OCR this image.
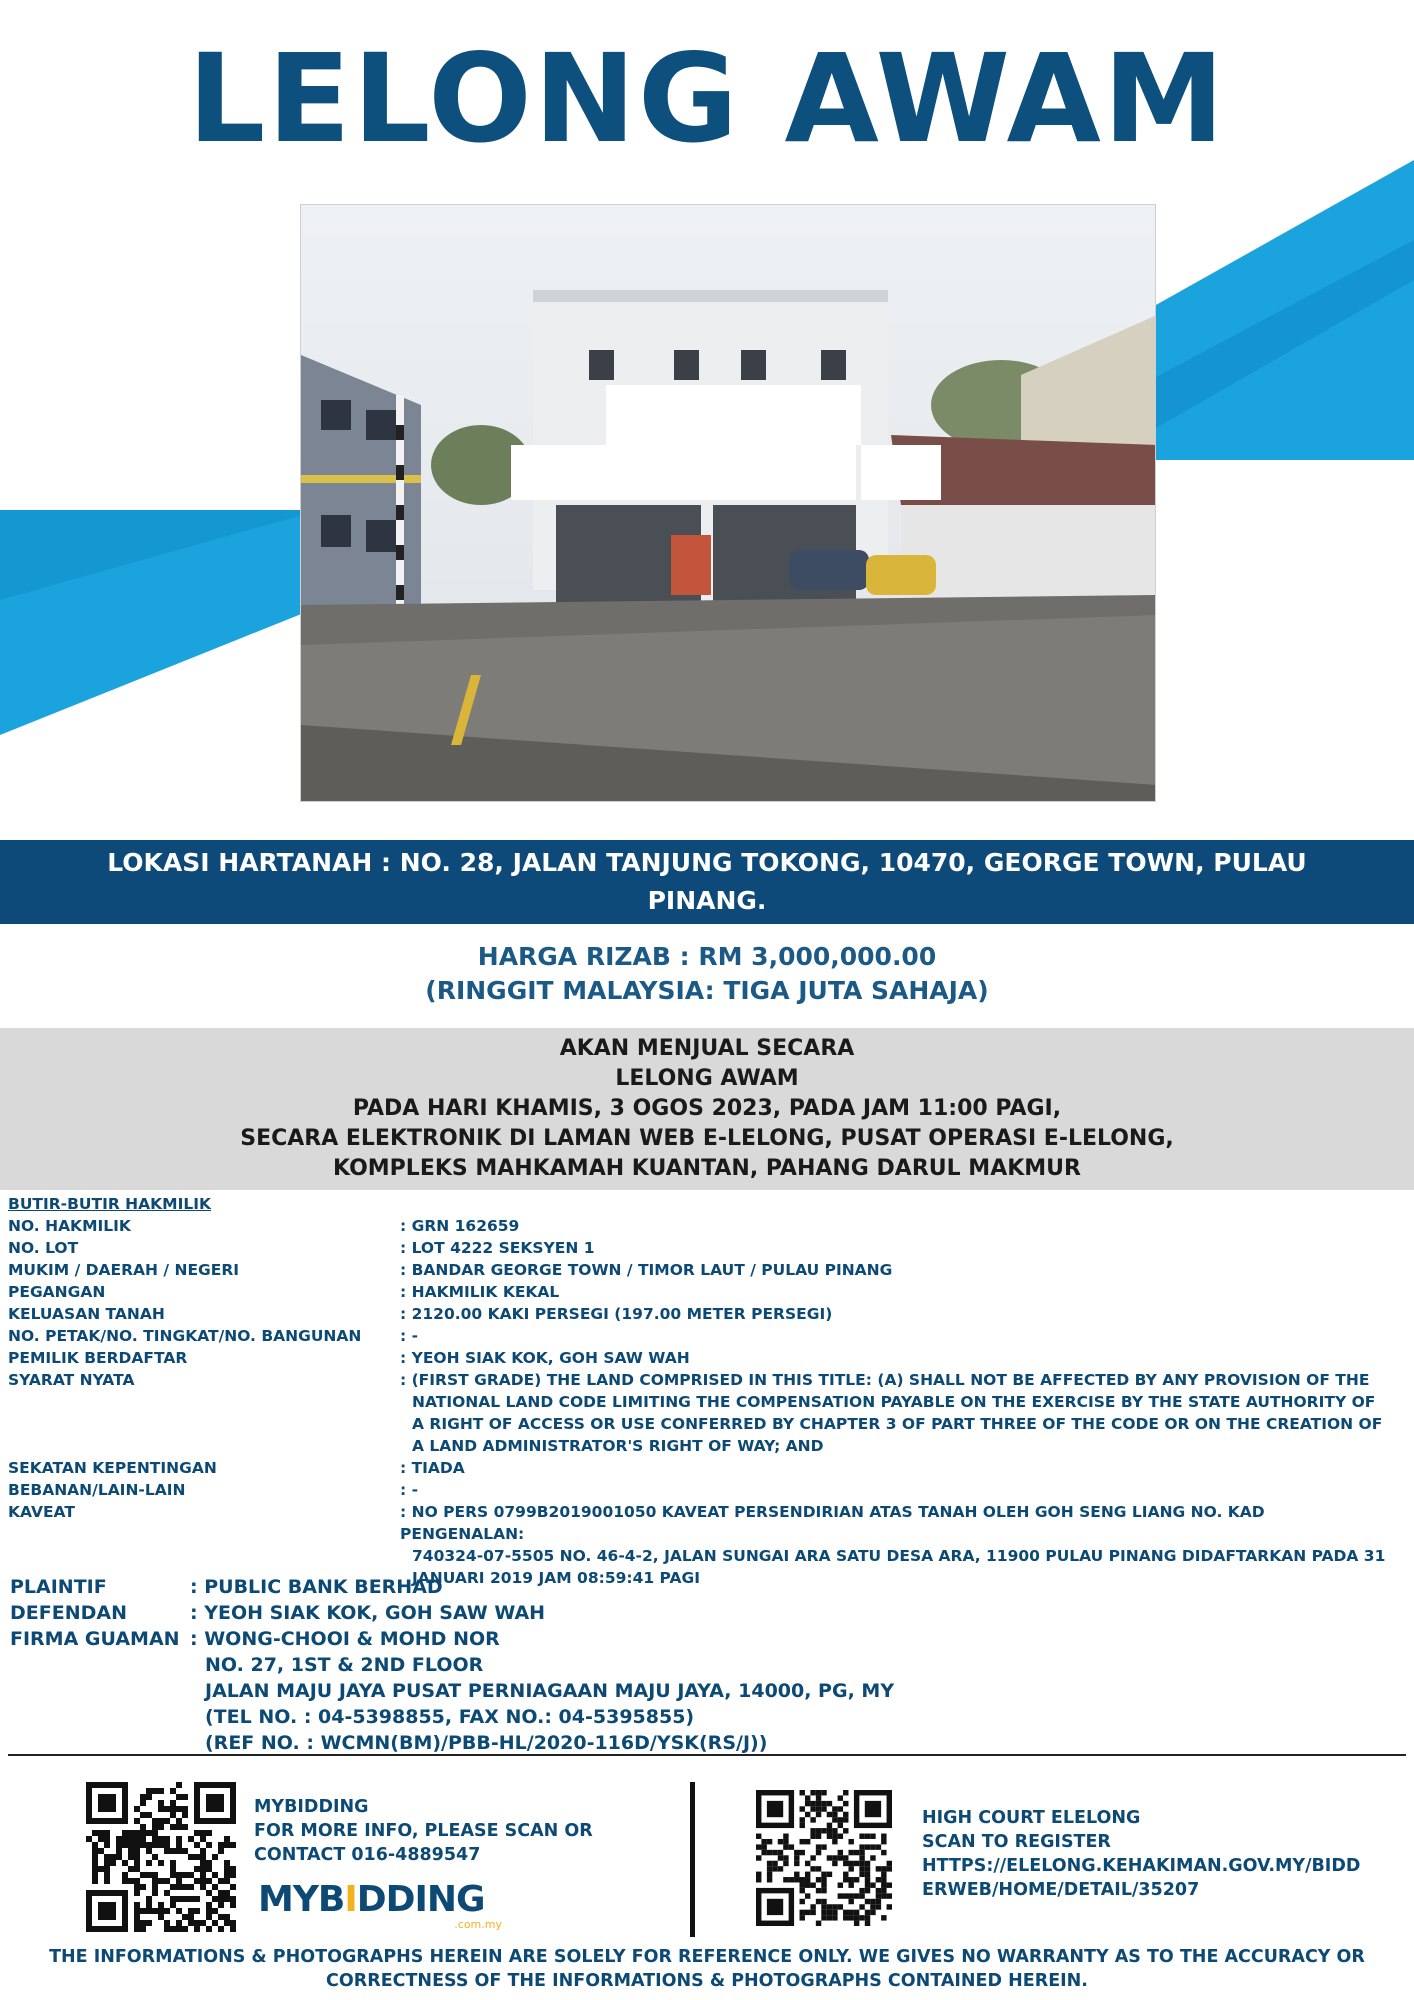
LELONG AWAM
LOKASI HARTANAH : NO. 28, JALAN TANJUNG TOKONG, 10470, GEORGE TOWN, PULAU PINANG.
HARGA RIZAB : RM 3,000,000.00
(RINGGIT MALAYSIA: TIGA JUTA SAHAJA)
AKAN MENJUAL SECARA
LELONG AWAM
PADA HARI KHAMIS, 3 OGOS 2023, PADA JAM 11:00 PAGI,
SECARA ELEKTRONIK DI LAMAN WEB E-LELONG, PUSAT OPERASI E-LELONG,
KOMPLEKS MAHKAMAH KUANTAN, PAHANG DARUL MAKMUR
BUTIR-BUTIR HAKMILIK
NO. HAKMILIK	: GRN 162659
NO. LOT	: LOT 4222 SEKSYEN 1
MUKIM / DAERAH / NEGERI	: BANDAR GEORGE TOWN / TIMOR LAUT / PULAU PINANG
PEGANGAN	: HAKMILIK KEKAL
KELUASAN TANAH	: 2120.00 KAKI PERSEGI (197.00 METER PERSEGI)
NO. PETAK/NO. TINGKAT/NO. BANGUNAN	: -
PEMILIK BERDAFTAR	: YEOH SIAK KOK, GOH SAW WAH
SYARAT NYATA	: (FIRST GRADE) THE LAND COMPRISED IN THIS TITLE: (A) SHALL NOT BE AFFECTED BY ANY PROVISION OF THE
NATIONAL LAND CODE LIMITING THE COMPENSATION PAYABLE ON THE EXERCISE BY THE STATE AUTHORITY OF A RIGHT OF ACCESS OR USE CONFERRED BY CHAPTER 3 OF PART THREE OF THE CODE OR ON THE CREATION OF A LAND ADMINISTRATOR'S RIGHT OF WAY; AND
SEKATAN KEPENTINGAN	: TIADA
BEBANAN/LAIN-LAIN	: -
KAVEAT	: NO PERS 0799B2019001050 KAVEAT PERSENDIRIAN ATAS TANAH OLEH GOH SENG LIANG NO. KAD PENGENALAN:
740324-07-5505 NO. 46-4-2, JALAN SUNGAI ARA SATU DESA ARA, 11900 PULAU PINANG DIDAFTARKAN PADA 31 JANUARI 2019 JAM 08:59:41 PAGI
PLAINTIF	: PUBLIC BANK BERHAD
DEFENDAN	: YEOH SIAK KOK, GOH SAW WAH
FIRMA GUAMAN : WONG-CHOOI & MOHD NOR
NO. 27, 1ST & 2ND FLOOR
JALAN MAJU JAYA PUSAT PERNIAGAAN MAJU JAYA, 14000, PG, MY
(TEL NO. : 04-5398855, FAX NO.: 04-5395855)
(REF NO. : WCMN(BM)/PBB-HL/2020-116D/YSK(RS/J))
MYBIDDING
FOR MORE INFO, PLEASE SCAN OR
CONTACT 016-4889547
MYBIDDING
.com.my
HIGH COURT ELELONG
SCAN TO REGISTER
HTTPS://ELELONG.KEHAKIMAN.GOV.MY/BIDD
ERWEB/HOME/DETAIL/35207
THE INFORMATIONS & PHOTOGRAPHS HEREIN ARE SOLELY FOR REFERENCE ONLY. WE GIVES NO WARRANTY AS TO THE ACCURACY OR
CORRECTNESS OF THE INFORMATIONS & PHOTOGRAPHS CONTAINED HEREIN.
